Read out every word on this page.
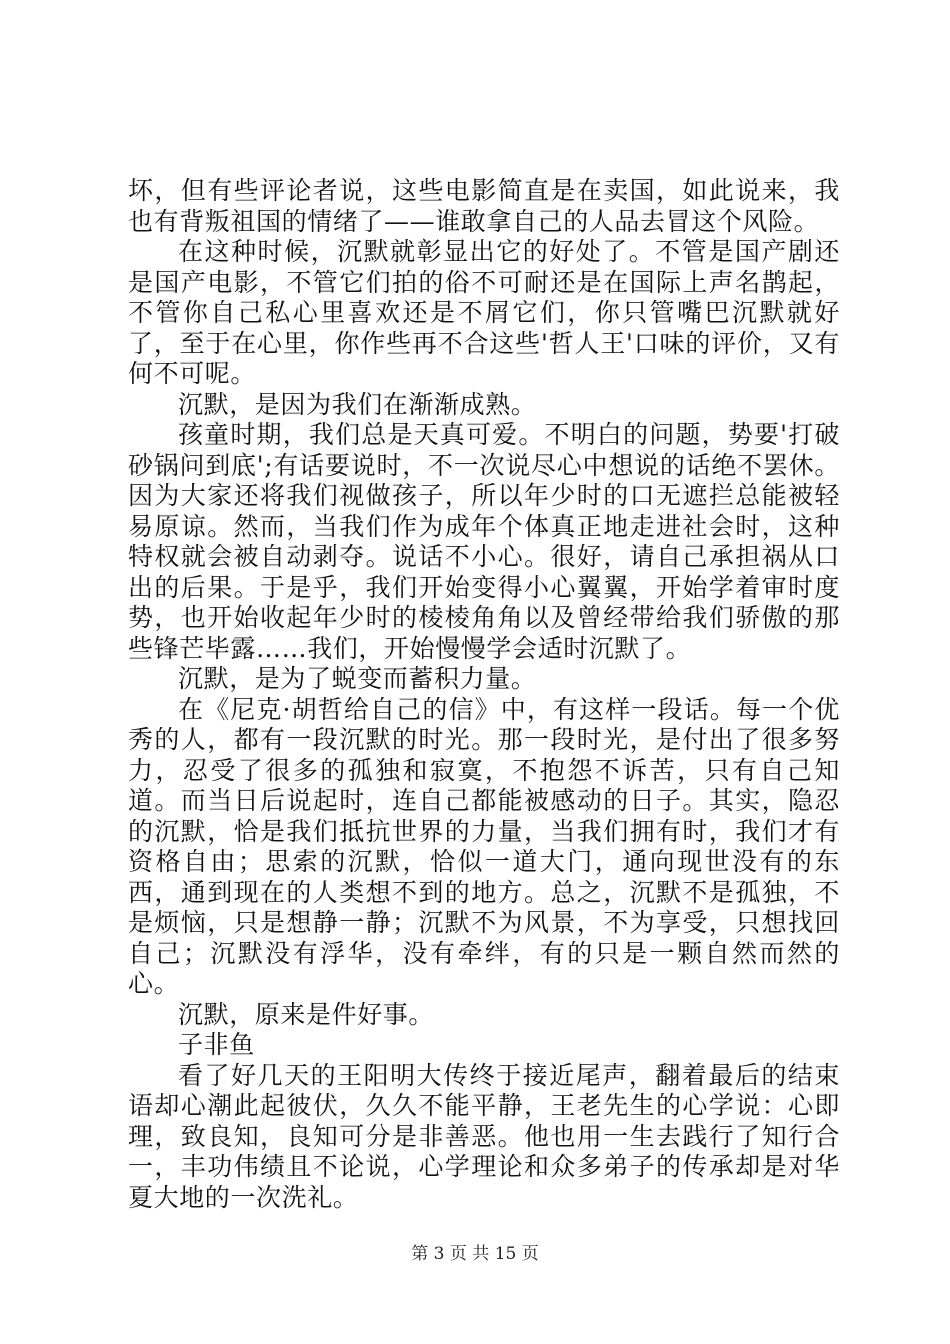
坏，但有些评论者说，这些电影简直是在卖国，如此说来，我也有背叛祖国的情绪了——谁敢拿自己的人品去冒这个风险。

在这种时候，沉默就彰显出它的好处了。不管是国产剧还是国产电影，不管它们拍的俗不可耐还是在国际上声名鹊起，不管你自己私心里喜欢还是不屑它们，你只管嘴巴沉默就好了，至于在心里，你作些再不合这些'哲人王'口味的评价，又有何不可呢。

沉默，是因为我们在渐渐成熟。

孩童时期，我们总是天真可爱。不明白的问题，势要'打破砂锅问到底';有话要说时，不一次说尽心中想说的话绝不罢休。因为大家还将我们视做孩子，所以年少时的口无遮拦总能被轻易原谅。然而，当我们作为成年个体真正地走进社会时，这种特权就会被自动剥夺。说话不小心。很好，请自己承担祸从口出的后果。于是乎，我们开始变得小心翼翼，开始学着审时度势，也开始收起年少时的棱棱角角以及曾经带给我们骄傲的那些锋芒毕露……我们，开始慢慢学会适时沉默了。

沉默，是为了蜕变而蓄积力量。

在《尼克·胡哲给自己的信》中，有这样一段话。每一个优秀的人，都有一段沉默的时光。那一段时光，是付出了很多努力，忍受了很多的孤独和寂寞，不抱怨不诉苦，只有自己知道。而当日后说起时，连自己都能被感动的日子。其实，隐忍的沉默，恰是我们抵抗世界的力量，当我们拥有时，我们才有资格自由；思索的沉默，恰似一道大门，通向现世没有的东西，通到现在的人类想不到的地方。总之，沉默不是孤独，不是烦恼，只是想静一静；沉默不为风景，不为享受，只想找回自己；沉默没有浮华，没有牵绊，有的只是一颗自然而然的心。

沉默，原来是件好事。

子非鱼

看了好几天的王阳明大传终于接近尾声，翻着最后的结束语却心潮此起彼伏，久久不能平静，王老先生的心学说：心即理，致良知，良知可分是非善恶。他也用一生去践行了知行合一，丰功伟绩且不论说，心学理论和众多弟子的传承却是对华夏大地的一次洗礼。

第 3 页 共 15 页
